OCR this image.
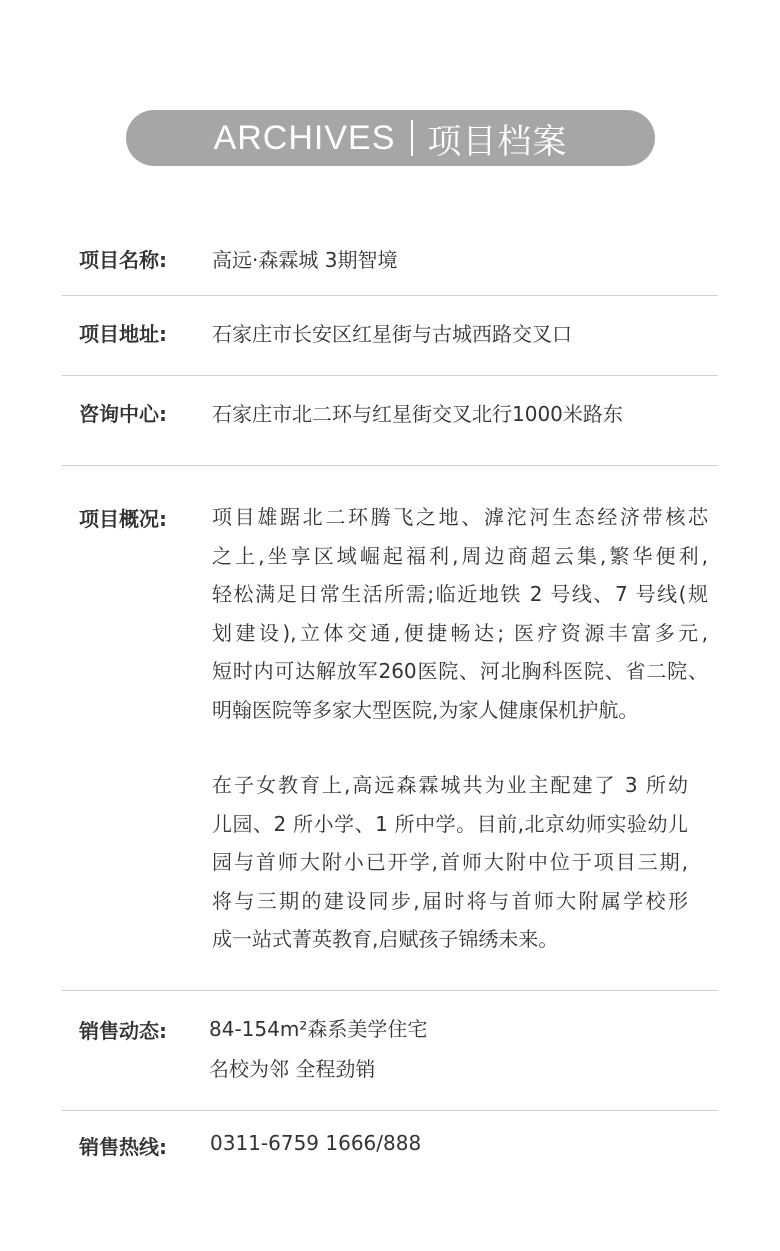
ARCHIVES 项目档案
项目名称: 高远·森霖城 3期智境
项目地址: 石家庄市长安区红星街与古城西路交叉口
咨询中心: 石家庄市北二环与红星街交叉北行1000米路东
项目概况: 项目雄踞北二环腾飞之地、滹沱河生态经济带核芯
之上,坐享区域崛起福利,周边商超云集,繁华便利,
轻松满足日常生活所需;临近地铁 2 号线、7 号线(规
划建设),立体交通,便捷畅达; 医疗资源丰富多元,
短时内可达解放军260医院、河北胸科医院、省二院、
明翰医院等多家大型医院,为家人健康保机护航。
在子女教育上,高远森霖城共为业主配建了 3 所幼
儿园、2 所小学、1 所中学。目前,北京幼师实验幼儿
园与首师大附小已开学,首师大附中位于项目三期,
将与三期的建设同步,届时将与首师大附属学校形
成一站式菁英教育,启赋孩子锦绣未来。
销售动态: 84-154m²森系美学住宅
名校为邻 全程劲销
销售热线: 0311-6759 1666/888
